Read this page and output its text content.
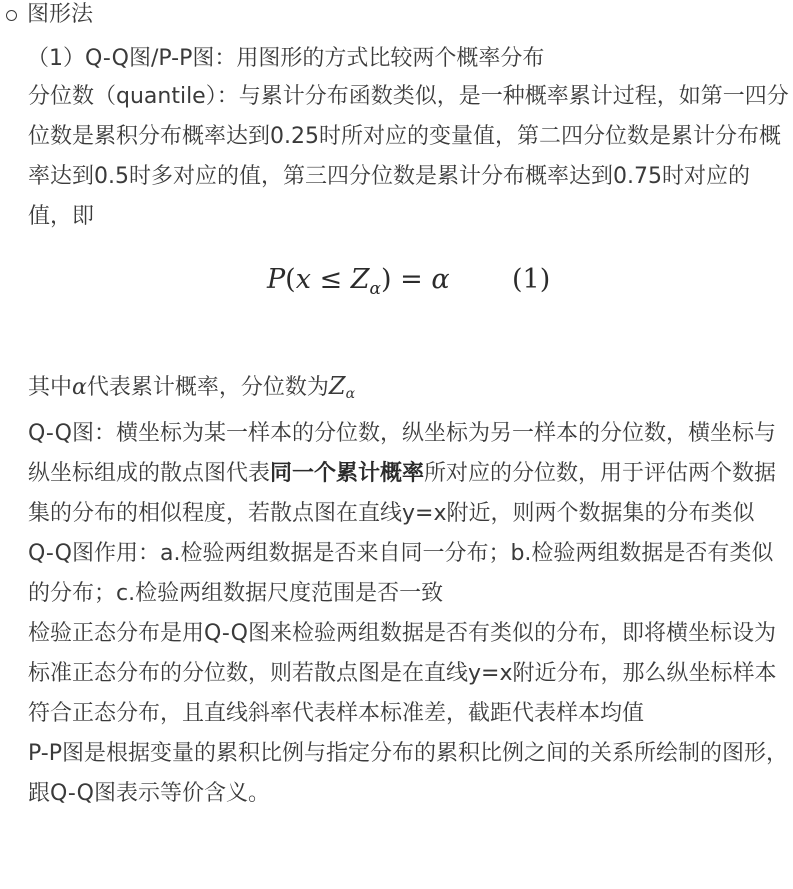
图形法
（1）Q-Q图/P-P图：用图形的方式比较两个概率分布

分位数（quantile）：与累计分布函数类似，是一种概率累计过程，如第一四分位数是累积分布概率达到0.25时所对应的变量值，第二四分位数是累计分布概率达到0.5时多对应的值，第三四分位数是累计分布概率达到0.75时对应的值，即

$P(x \le Z_\alpha) = \alpha$ (1)

其中α代表累计概率，分位数为Zα

Q-Q图：横坐标为某一样本的分位数，纵坐标为另一样本的分位数，横坐标与纵坐标组成的散点图代表同一个累计概率所对应的分位数，用于评估两个数据集的分布的相似程度，若散点图在直线y=x附近，则两个数据集的分布类似

Q-Q图作用：a.检验两组数据是否来自同一分布；b.检验两组数据是否有类似的分布；c.检验两组数据尺度范围是否一致

检验正态分布是用Q-Q图来检验两组数据是否有类似的分布，即将横坐标设为标准正态分布的分位数，则若散点图是在直线y=x附近分布，那么纵坐标样本符合正态分布，且直线斜率代表样本标准差，截距代表样本均值

P-P图是根据变量的累积比例与指定分布的累积比例之间的关系所绘制的图形，跟Q-Q图表示等价含义。
